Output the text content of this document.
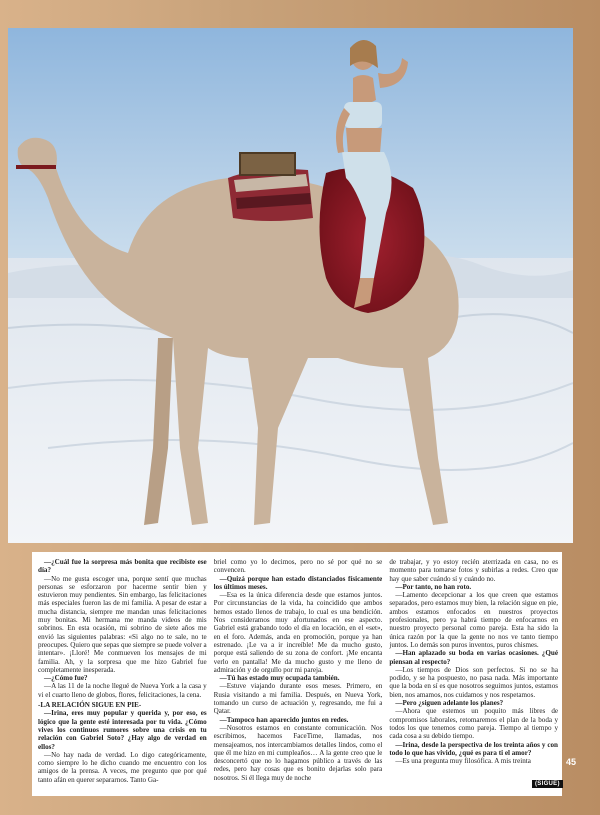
—¿Cuál fue la sorpresa más bonita que recibiste ese día?

—No me gusta escoger una, porque sentí que muchas personas se esforzaron por hacerme sentir bien y estuvieron muy pendientes. Sin embargo, las felicitaciones más especiales fueron las de mi familia. A pesar de estar a mucha distancia, siempre me mandan unas felicitaciones muy bonitas. Mi hermana me manda videos de mis sobrinos. En esta ocasión, mi sobrino de siete años me envió las siguientes palabras: «Si algo no te sale, no te preocupes. Quiero que sepas que siempre se puede volver a intentar». ¡Lloré! Me conmueven los mensajes de mi familia. Ah, y la sorpresa que me hizo Gabriel fue completamente inesperada.

—¿Cómo fue?

—A las 11 de la noche llegué de Nueva York a la casa y vi el cuarto lleno de globos, flores, felicitaciones, la cena.

-LA RELACIÓN SIGUE EN PIE-

—Irina, eres muy popular y querida y, por eso, es lógico que la gente esté interesada por tu vida. ¿Cómo vives los continuos rumores sobre una crisis en tu relación con Gabriel Soto? ¿Hay algo de verdad en ellos?

—No hay nada de verdad. Lo digo categóricamente, como siempre lo he dicho cuando me encuentro con los amigos de la prensa. A veces, me pregunto que por qué tanto afán en querer separarnos. Tanto Ga-

briel como yo lo decimos, pero no sé por qué no se convencen.

—Quizá porque han estado distanciados físicamente los últimos meses.

—Esa es la única diferencia desde que estamos juntos. Por circunstancias de la vida, ha coincidido que ambos hemos estado llenos de trabajo, lo cual es una bendición. Nos consideramos muy afortunados en ese aspecto. Gabriel está grabando todo el día en locación, en el «set», en el foro. Además, anda en promoción, porque ya han estrenado. ¡Le va a ir increíble! Me da mucho gusto, porque está saliendo de su zona de confort. ¡Me encanta verlo en pantalla! Me da mucho gusto y me lleno de admiración y de orgullo por mi pareja.

—Tú has estado muy ocupada también.

—Estuve viajando durante esos meses. Primero, en Rusia visitando a mi familia. Después, en Nueva York, tomando un curso de actuación y, regresando, me fui a Qatar.

—Tampoco han aparecido juntos en redes.

—Nosotros estamos en constante comunicación. Nos escribimos, hacemos FaceTime, llamadas, nos mensajeamos, nos intercambiamos detalles lindos, como el que él me hizo en mi cumpleaños… A la gente creo que le desconcertó que no lo hagamos público a través de las redes, pero hay cosas que es bonito dejarlas solo para nosotros. Si él llega muy de noche

de trabajar, y yo estoy recién aterrizada en casa, no es momento para tomarse fotos y subirlas a redes. Creo que hay que saber cuándo sí y cuándo no.

—Por tanto, no han roto.

—Lamento decepcionar a los que creen que estamos separados, pero estamos muy bien, la relación sigue en pie, ambos estamos enfocados en nuestros proyectos profesionales, pero ya habrá tiempo de enfocarnos en nuestro proyecto personal como pareja. Esta ha sido la única razón por la que la gente no nos ve tanto tiempo juntos. Lo demás son puros inventos, puros chismes.

—Han aplazado su boda en varias ocasiones. ¿Qué piensan al respecto?

—Los tiempos de Dios son perfectos. Si no se ha podido, y se ha pospuesto, no pasa nada. Más importante que la boda en sí es que nosotros seguimos juntos, estamos bien, nos amamos, nos cuidamos y nos respetamos.

—Pero ¿siguen adelante los planes?

—Ahora que estemos un poquito más libres de compromisos laborales, retomaremos el plan de la boda y todos los que tenemos como pareja. Tiempo al tiempo y cada cosa a su debido tiempo.

—Irina, desde la perspectiva de los treinta años y con todo lo que has vivido, ¿qué es para ti el amor?

—Es una pregunta muy filosófica. A mis treinta	45
(SIGUE)
